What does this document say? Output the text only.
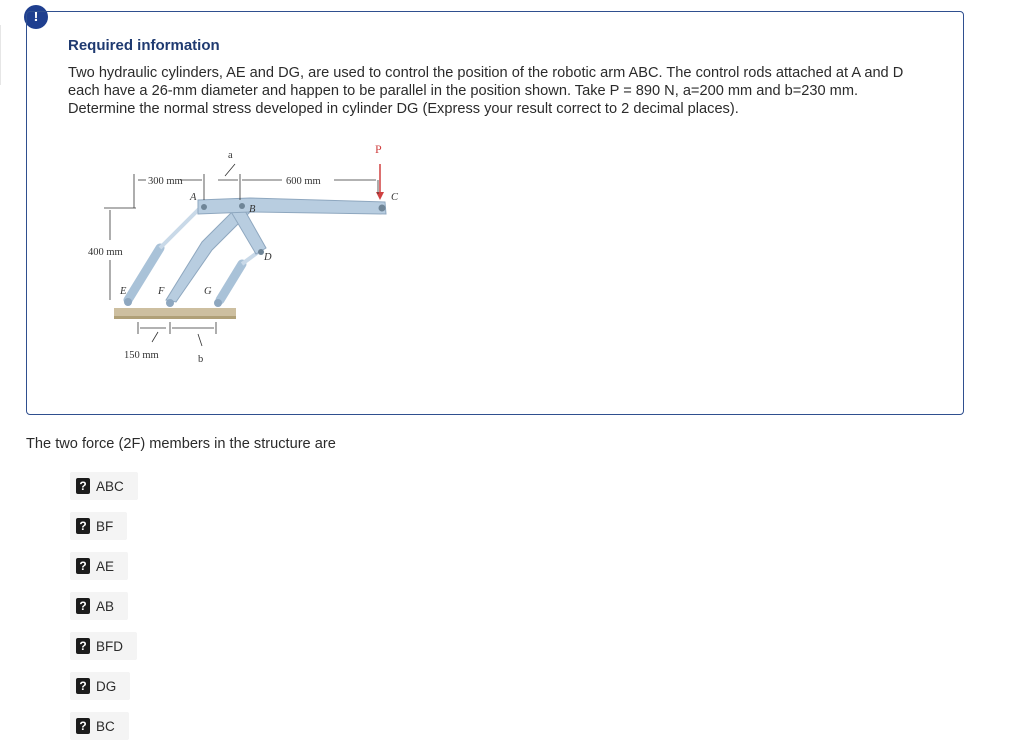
!
Required information

Two hydraulic cylinders, AE and DG, are used to control the position of the robotic arm ABC. The control rods attached at A and D each have a 26-mm diameter and happen to be parallel in the position shown. Take P = 890 N, a=200 mm and b=230 mm. Determine the normal stress developed in cylinder DG (Express your result correct to 2 decimal places).

a	P
300 mm	600 mm
400 mm
150 mm	b
A
B
C
D
E	F	G

The two force (2F) members in the structure are

? ABC
? BF
? AE
? AB
? BFD
? DG
? BC
